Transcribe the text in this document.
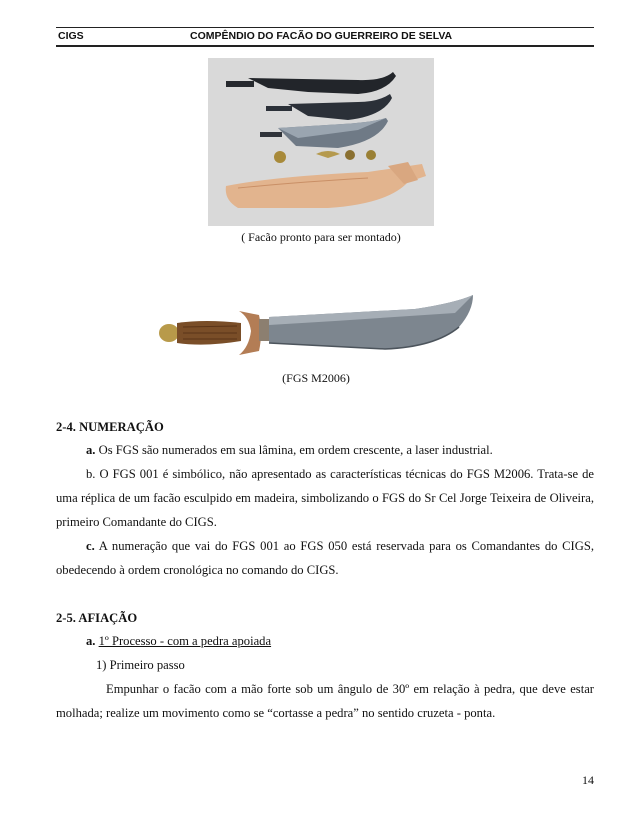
CIGS	COMPÊNDIO DO FACÃO DO GUERREIRO DE SELVA
( Facão pronto para ser montado)
(FGS M2006)
2-4. NUMERAÇÃO
a. Os FGS são numerados em sua lâmina, em ordem crescente, a laser industrial.
b. O FGS 001 é simbólico, não apresentado as características técnicas do FGS M2006. Trata-se de uma réplica de um facão esculpido em madeira, simbolizando o FGS do Sr Cel Jorge Teixeira de Oliveira, primeiro Comandante do CIGS.
c. A numeração que vai do FGS 001 ao FGS 050 está reservada para os Comandantes do CIGS, obedecendo à ordem cronológica no comando do CIGS.
2-5. AFIAÇÃO
a. 1º Processo - com a pedra apoiada
1) Primeiro passo
Empunhar o facão com a mão forte sob um ângulo de 30º em relação à pedra, que deve estar molhada; realize um movimento como se “cortasse a pedra” no sentido cruzeta - ponta.
14
